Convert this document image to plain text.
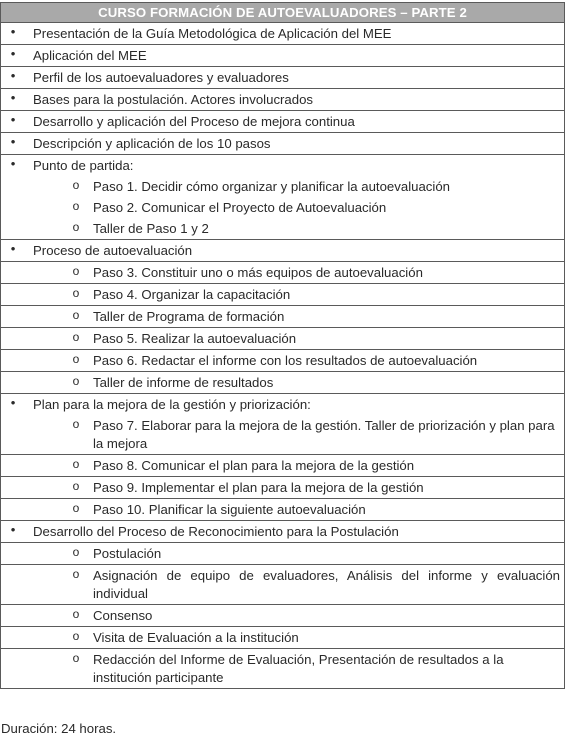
CURSO FORMACIÓN DE AUTOEVALUADORES – PARTE 2

• Presentación de la Guía Metodológica de Aplicación del MEE

• Aplicación del MEE

• Perfil de los autoevaluadores y evaluadores

• Bases para la postulación. Actores involucrados

• Desarrollo y aplicación del Proceso de mejora continua

• Descripción y aplicación de los 10 pasos

• Punto de partida:
o Paso 1. Decidir cómo organizar y planificar la autoevaluación
o Paso 2. Comunicar el Proyecto de Autoevaluación
o Taller de Paso 1 y 2

• Proceso de autoevaluación

o Paso 3. Constituir uno o más equipos de autoevaluación

o Paso 4. Organizar la capacitación

o Taller de Programa de formación

o Paso 5. Realizar la autoevaluación

o Paso 6. Redactar el informe con los resultados de autoevaluación

o Taller de informe de resultados

• Plan para la mejora de la gestión y priorización:
o Paso 7. Elaborar para la mejora de la gestión. Taller de priorización y plan para la mejora

o Paso 8. Comunicar el plan para la mejora de la gestión

o Paso 9. Implementar el plan para la mejora de la gestión

o Paso 10. Planificar la siguiente autoevaluación

• Desarrollo del Proceso de Reconocimiento para la Postulación

o Postulación

o Asignación de equipo de evaluadores, Análisis del informe y evaluación individual

o Consenso

o Visita de Evaluación a la institución

o Redacción del Informe de Evaluación, Presentación de resultados a la institución participante
Duración: 24 horas.
